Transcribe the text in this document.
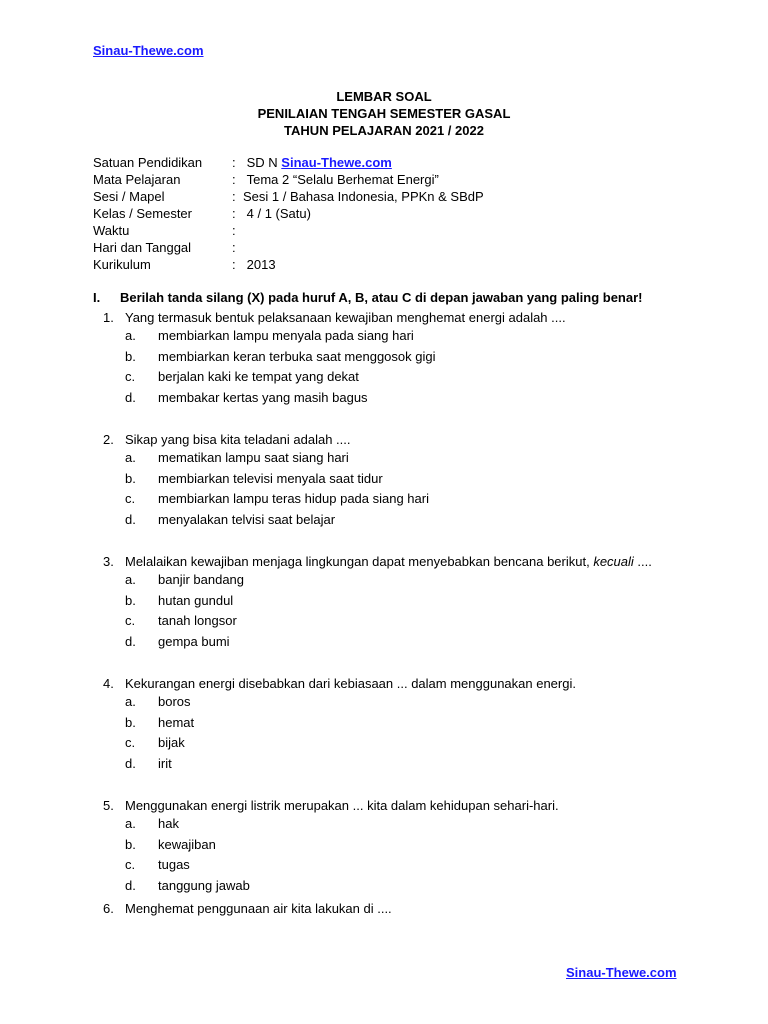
Sinau-Thewe.com
LEMBAR SOAL
PENILAIAN TENGAH SEMESTER GASAL
TAHUN PELAJARAN 2021 / 2022
Satuan Pendidikan	: SD N Sinau-Thewe.com
Mata Pelajaran	: Tema 2 “Selalu Berhemat Energi”
Sesi / Mapel	: Sesi 1 / Bahasa Indonesia, PPKn & SBdP
Kelas / Semester	: 4 / 1 (Satu)
Waktu	:
Hari dan Tanggal	:
Kurikulum	: 2013
I.	Berilah tanda silang (X) pada huruf A, B, atau C di depan jawaban yang paling benar!
1. Yang termasuk bentuk pelaksanaan kewajiban menghemat energi adalah ....
a.	membiarkan lampu menyala pada siang hari
b.	membiarkan keran terbuka saat menggosok gigi
c.	berjalan kaki ke tempat yang dekat
d.	membakar kertas yang masih bagus
2. Sikap yang bisa kita teladani adalah ....
a.	mematikan lampu saat siang hari
b.	membiarkan televisi menyala saat tidur
c.	membiarkan lampu teras hidup pada siang hari
d.	menyalakan telvisi saat belajar
3. Melalaikan kewajiban menjaga lingkungan dapat menyebabkan bencana berikut, kecuali ....
a.	banjir bandang
b.	hutan gundul
c.	tanah longsor
d.	gempa bumi
4. Kekurangan energi disebabkan dari kebiasaan ... dalam menggunakan energi.
a.	boros
b.	hemat
c.	bijak
d.	irit
5. Menggunakan energi listrik merupakan ... kita dalam kehidupan sehari-hari.
a.	hak
b.	kewajiban
c.	tugas
d.	tanggung jawab
6. Menghemat penggunaan air kita lakukan di ....
Sinau-Thewe.com
